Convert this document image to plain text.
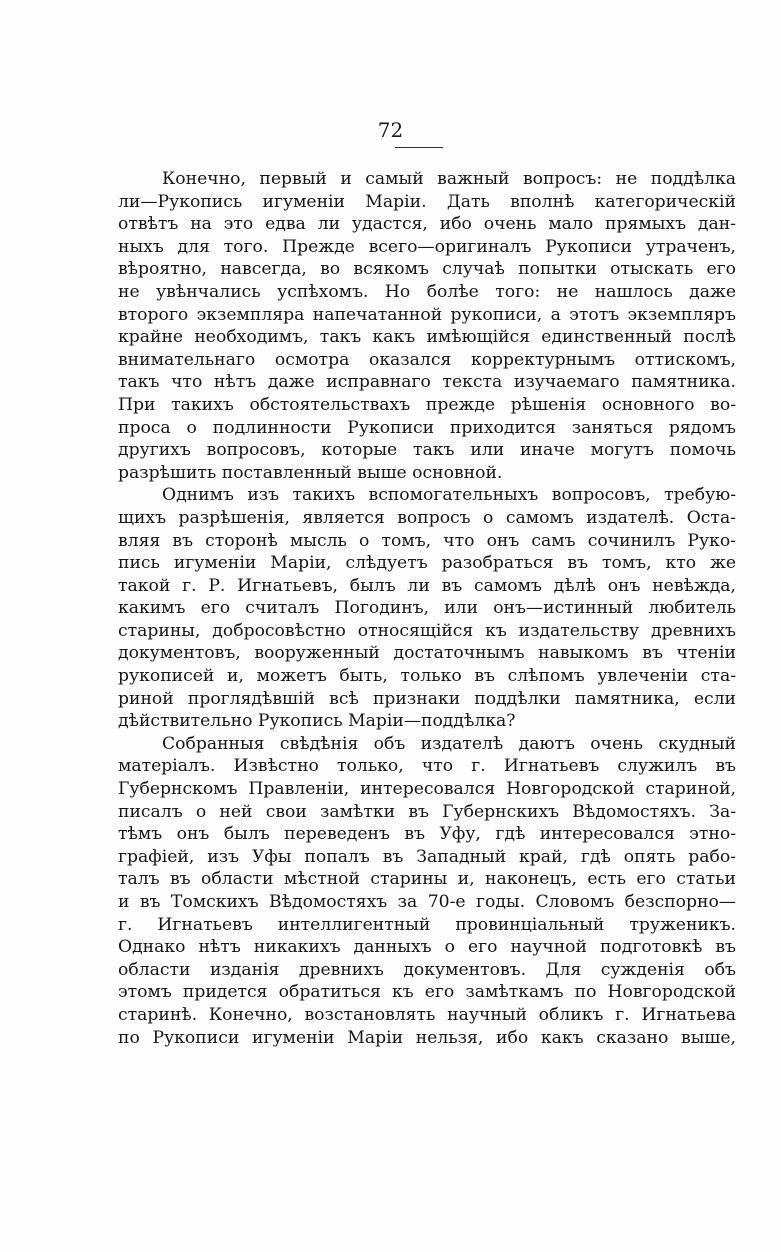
72
Конечно, первый и самый важный вопросъ: не поддѣлка
ли—Рукопись игуменіи Маріи. Дать вполнѣ категорическій
отвѣтъ на это едва ли удастся, ибо очень мало прямыхъ дан-
ныхъ для того. Прежде всего—оригиналъ Рукописи утраченъ,
вѣроятно, навсегда, во всякомъ случаѣ попытки отыскать его
не увѣнчались успѣхомъ. Но болѣе того: не нашлось даже
второго экземпляра напечатанной рукописи, а этотъ экземпляръ
крайне необходимъ, такъ какъ имѣющійся единственный послѣ
внимательнаго осмотра оказался корректурнымъ оттискомъ,
такъ что нѣтъ даже исправнаго текста изучаемаго памятника.
При такихъ обстоятельствахъ прежде рѣшенія основного во-
проса о подлинности Рукописи приходится заняться рядомъ
другихъ вопросовъ, которые такъ или иначе могутъ помочь
разрѣшить поставленный выше основной.
Однимъ изъ такихъ вспомогательныхъ вопросовъ, требую-
щихъ разрѣшенія, является вопросъ о самомъ издателѣ. Оста-
вляя въ сторонѣ мысль о томъ, что онъ самъ сочинилъ Руко-
пись игуменіи Маріи, слѣдуетъ разобраться въ томъ, кто же
такой г. Р. Игнатьевъ, былъ ли въ самомъ дѣлѣ онъ невѣжда,
какимъ его считалъ Погодинъ, или онъ—истинный любитель
старины, добросовѣстно относящійся къ издательству древнихъ
документовъ, вооруженный достаточнымъ навыкомъ въ чтеніи
рукописей и, можетъ быть, только въ слѣпомъ увлеченіи ста-
риной проглядѣвшій всѣ признаки поддѣлки памятника, если
дѣйствительно Рукопись Маріи—поддѣлка?
Собранныя свѣдѣнія объ издателѣ даютъ очень скудный
матеріалъ. Извѣстно только, что г. Игнатьевъ служилъ въ
Губернскомъ Правленіи, интересовался Новгородской стариной,
писалъ о ней свои замѣтки въ Губернскихъ Вѣдомостяхъ. За-
тѣмъ онъ былъ переведенъ въ Уфу, гдѣ интересовался этно-
графіей, изъ Уфы попалъ въ Западный край, гдѣ опять рабо-
талъ въ области мѣстной старины и, наконецъ, есть его статьи
и въ Томскихъ Вѣдомостяхъ за 70-е годы. Словомъ безспорно—
г. Игнатьевъ интеллигентный провинціальный труженикъ.
Однако нѣтъ никакихъ данныхъ о его научной подготовкѣ въ
области изданія древнихъ документовъ. Для сужденія объ
этомъ придется обратиться къ его замѣткамъ по Новгородской
старинѣ. Конечно, возстановлять научный обликъ г. Игнатьева
по Рукописи игуменіи Маріи нельзя, ибо какъ сказано выше,
